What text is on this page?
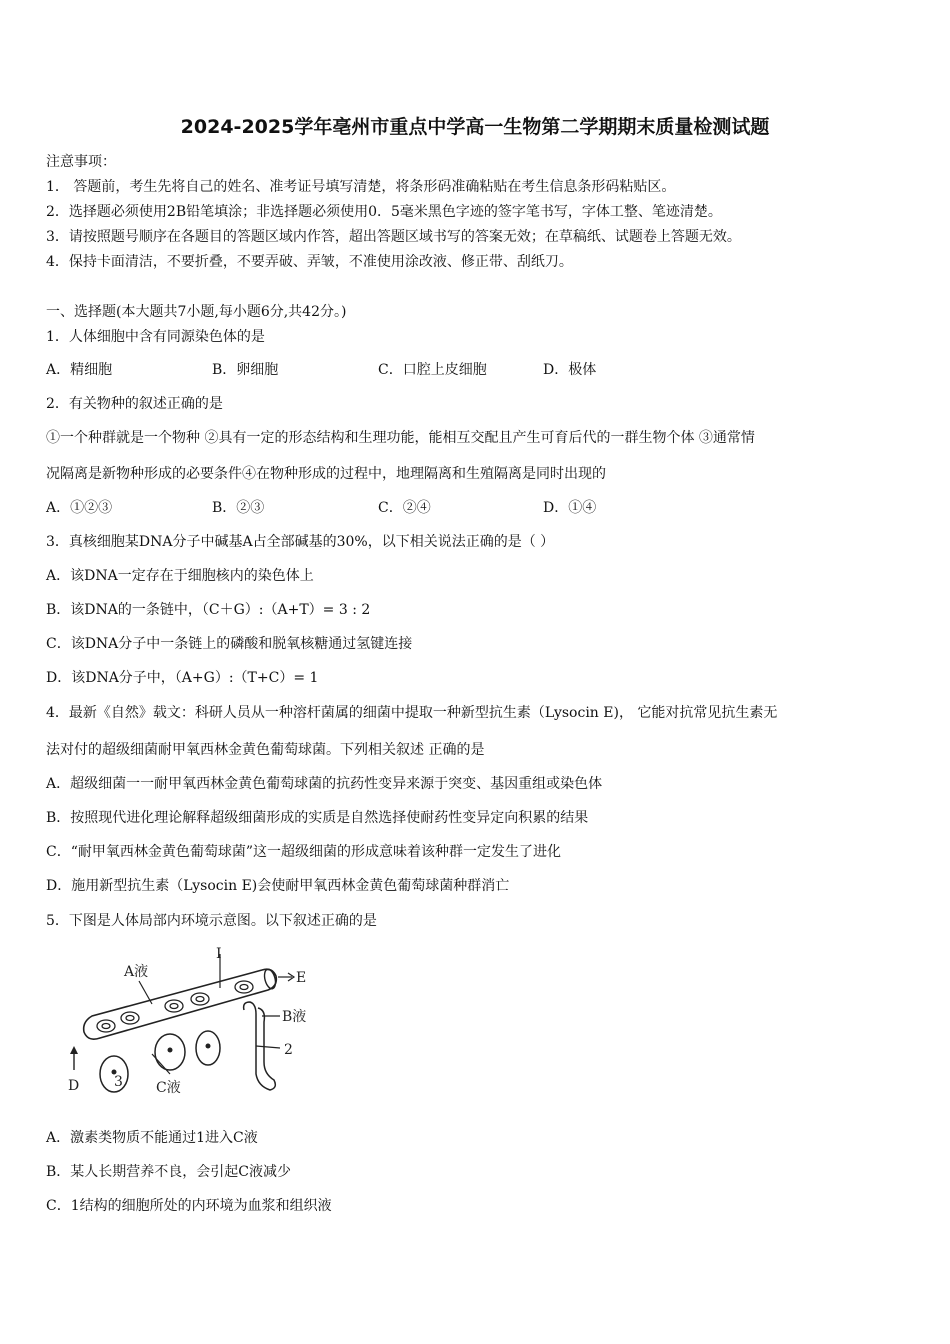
2024-2025学年亳州市重点中学高一生物第二学期期末质量检测试题
注意事项：
1． 答题前，考生先将自己的姓名、准考证号填写清楚，将条形码准确粘贴在考生信息条形码粘贴区。
2．选择题必须使用2B铅笔填涂；非选择题必须使用0．5毫米黑色字迹的签字笔书写，字体工整、笔迹清楚。
3．请按照题号顺序在各题目的答题区域内作答，超出答题区域书写的答案无效；在草稿纸、试题卷上答题无效。
4．保持卡面清洁，不要折叠，不要弄破、弄皱，不准使用涂改液、修正带、刮纸刀。
一、选择题(本大题共7小题,每小题6分,共42分。)
1．人体细胞中含有同源染色体的是
A．精细胞	B．卵细胞	C．口腔上皮细胞	D．极体
2．有关物种的叙述正确的是
①一个种群就是一个物种 ②具有一定的形态结构和生理功能，能相互交配且产生可育后代的一群生物个体 ③通常情
况隔离是新物种形成的必要条件④在物种形成的过程中，地理隔离和生殖隔离是同时出现的
A．①②③	B．②③	C．②④	D．①④
3．真核细胞某DNA分子中碱基A占全部碱基的30%，以下相关说法正确的是（ ）
A．该DNA一定存在于细胞核内的染色体上
B．该DNA的一条链中，（C＋G）:（A+T）= 3 : 2
C．该DNA分子中一条链上的磷酸和脱氧核糖通过氢键连接
D．该DNA分子中，（A+G）:（T+C）= 1
4．最新《自然》载文：科研人员从一种溶杆菌属的细菌中提取一种新型抗生素（Lysocin E)， 它能对抗常见抗生素无
法对付的超级细菌耐甲氧西林金黄色葡萄球菌。下列相关叙述 正确的是
A．超级细菌一一耐甲氧西林金黄色葡萄球菌的抗药性变异来源于突变、基因重组或染色体
B．按照现代进化理论解释超级细菌形成的实质是自然选择使耐药性变异定向积累的结果
C．“耐甲氧西林金黄色葡萄球菌”这一超级细菌的形成意味着该种群一定发生了进化
D．施用新型抗生素（Lysocin E)会使耐甲氧西林金黄色葡萄球菌种群消亡
5．下图是人体局部内环境示意图。以下叙述正确的是
A液
I
E
B液
2
D 3 C液
A．激素类物质不能通过1进入C液
B．某人长期营养不良，会引起C液减少
C．1结构的细胞所处的内环境为血浆和组织液
